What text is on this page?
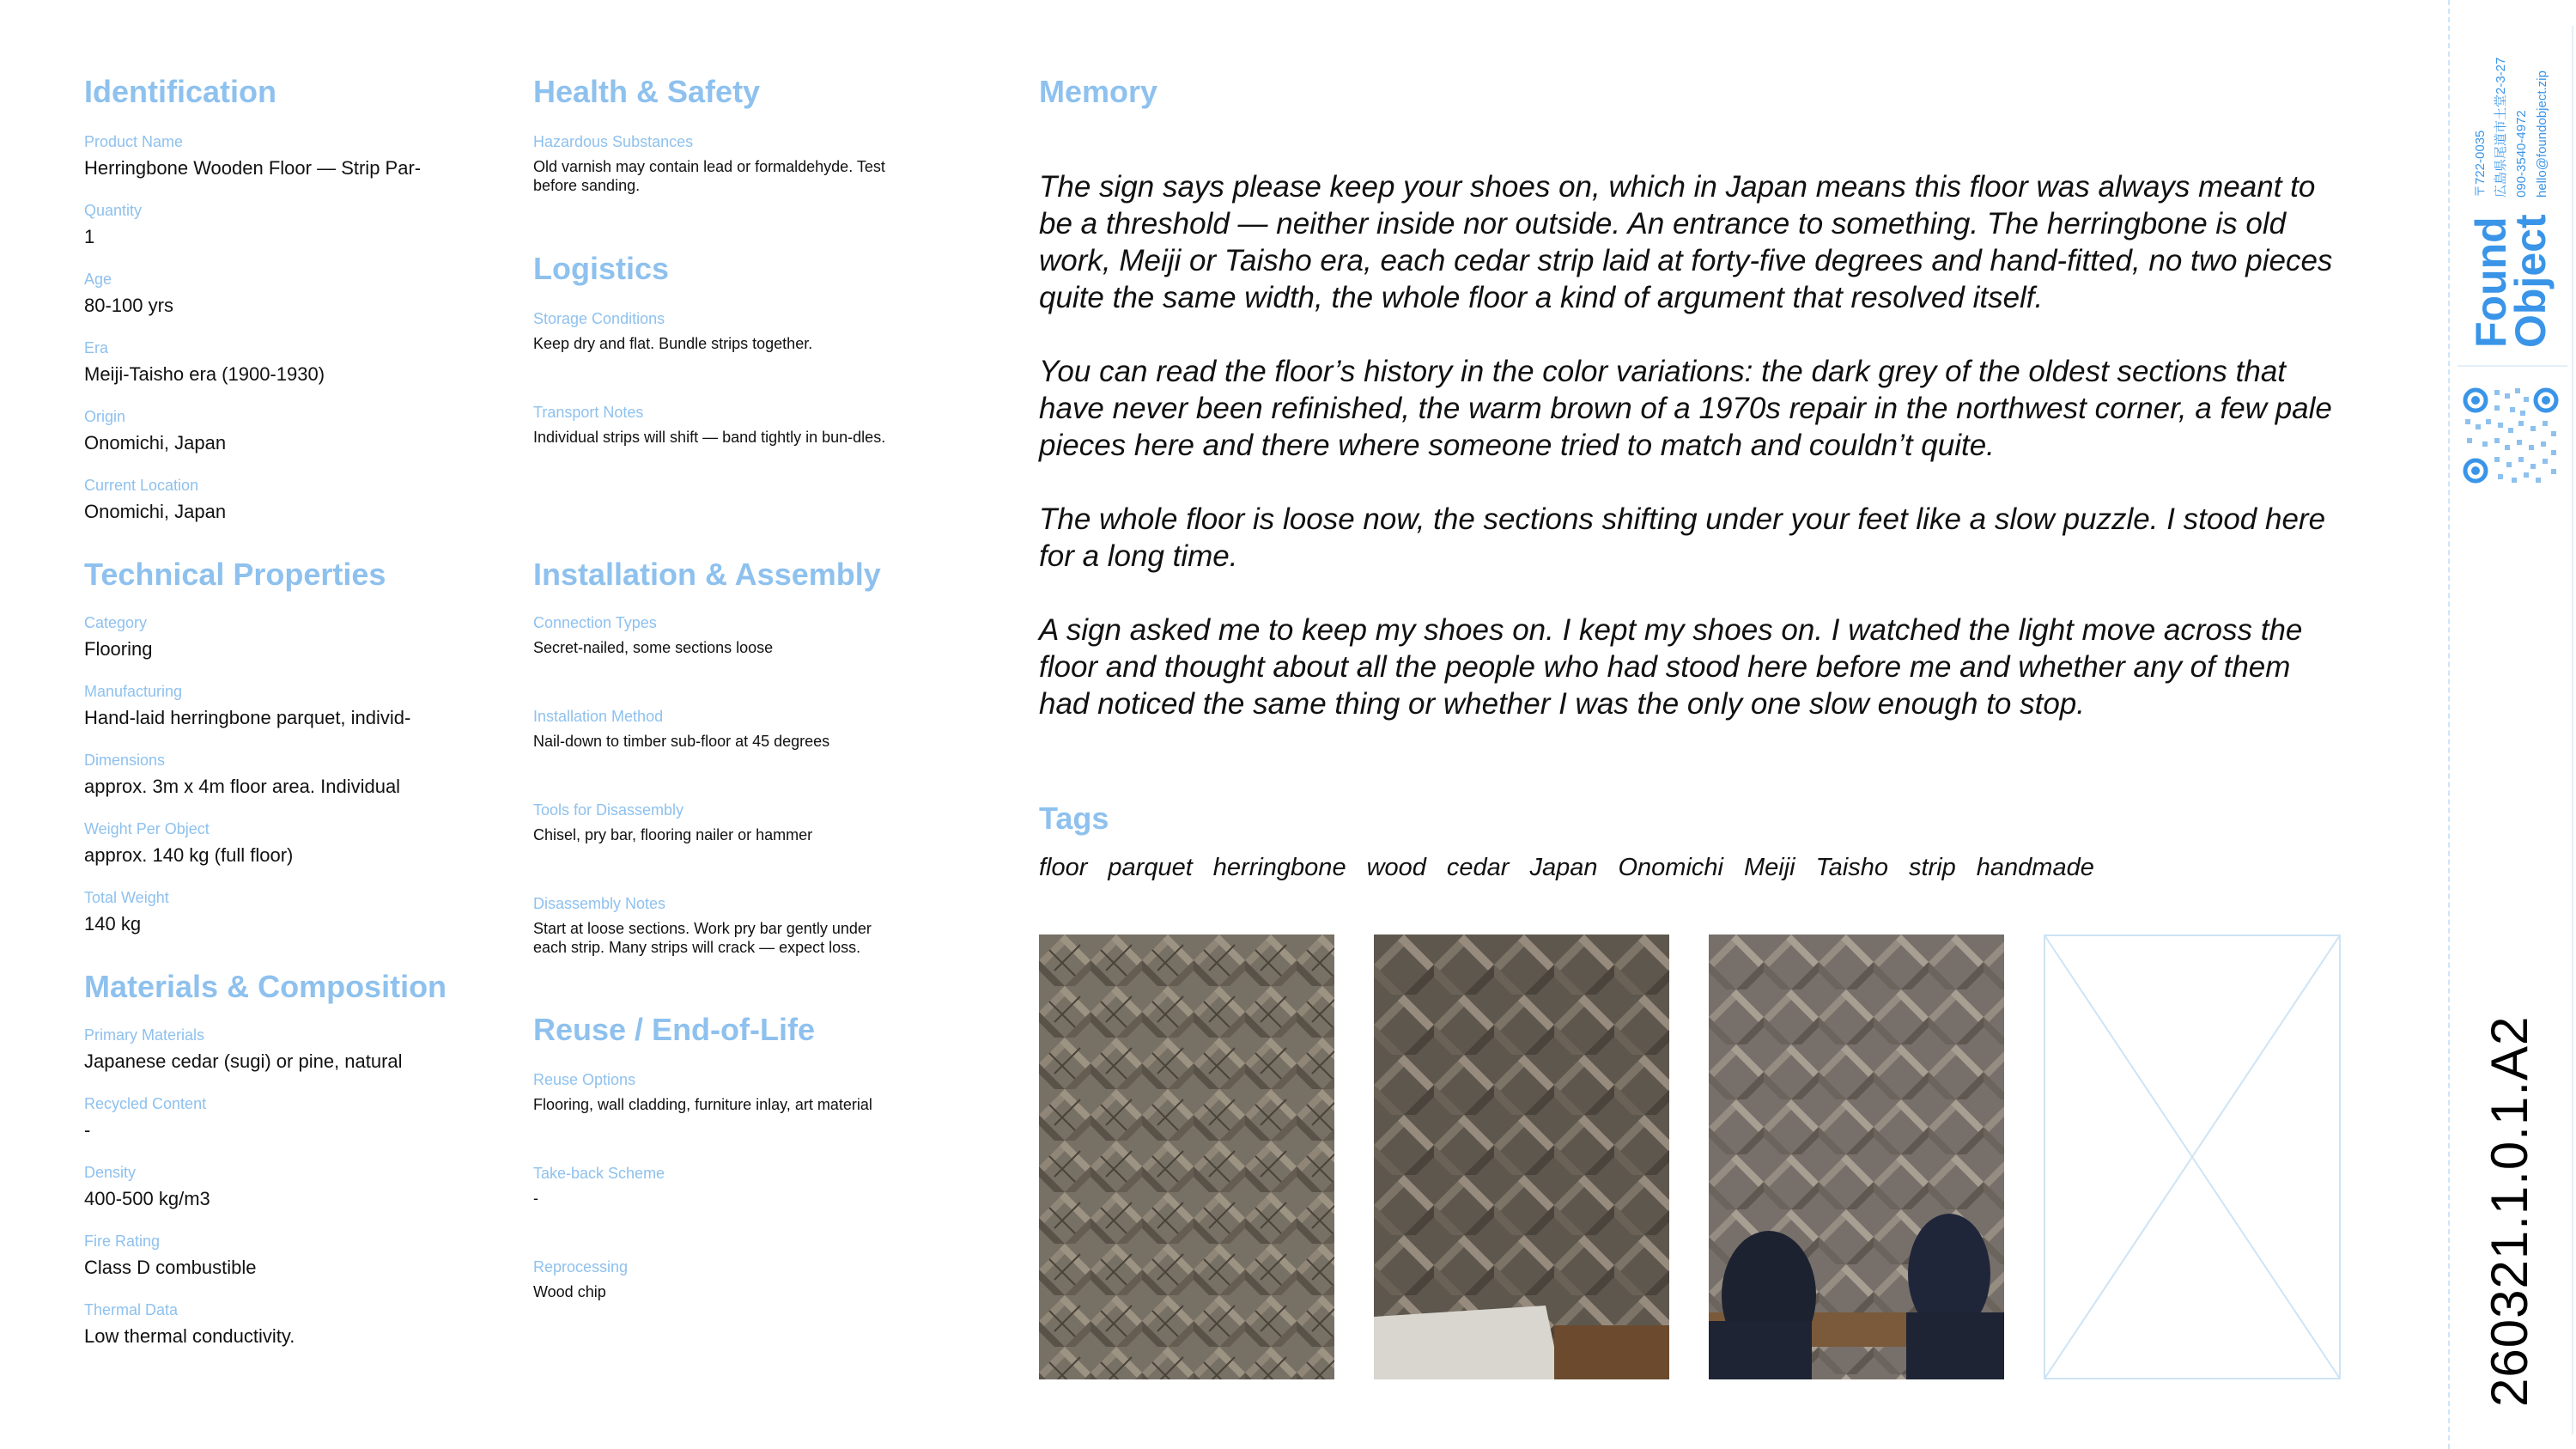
Identification
Product Name
Herringbone Wooden Floor — Strip Par-
Quantity
1
Age
80-100 yrs
Era
Meiji-Taisho era (1900-1930)
Origin
Onomichi, Japan
Current Location
Onomichi, Japan
Technical Properties
Category
Flooring
Manufacturing
Hand-laid herringbone parquet, individ-
Dimensions
approx. 3m x 4m floor area. Individual
Weight Per Object
approx. 140 kg (full floor)
Total Weight
140 kg
Materials & Composition
Primary Materials
Japanese cedar (sugi) or pine, natural
Recycled Content
-
Density
400-500 kg/m3
Fire Rating
Class D combustible
Thermal Data
Low thermal conductivity.
Health & Safety
Hazardous Substances
Old varnish may contain lead or formaldehyde. Test before sanding.
Logistics
Storage Conditions
Keep dry and flat. Bundle strips together.
Transport Notes
Individual strips will shift — band tightly in bun-dles.
Installation & Assembly
Connection Types
Secret-nailed, some sections loose
Installation Method
Nail-down to timber sub-floor at 45 degrees
Tools for Disassembly
Chisel, pry bar, flooring nailer or hammer
Disassembly Notes
Start at loose sections. Work pry bar gently under each strip. Many strips will crack — expect loss.
Reuse / End-of-Life
Reuse Options
Flooring, wall cladding, furniture inlay, art material
Take-back Scheme
-
Reprocessing
Wood chip
Memory

The sign says please keep your shoes on, which in Japan means this floor was always meant to be a threshold — neither inside nor outside. An entrance to something. The herringbone is old work, Meiji or Taisho era, each cedar strip laid at forty-five degrees and hand-fitted, no two pieces quite the same width, the whole floor a kind of argument that resolved itself.

You can read the floor’s history in the color variations: the dark grey of the oldest sections that have never been refinished, the warm brown of a 1970s repair in the northwest corner, a few pale pieces here and there where someone tried to match and couldn’t quite.

The whole floor is loose now, the sections shifting under your feet like a slow puzzle. I stood here for a long time.

A sign asked me to keep my shoes on. I kept my shoes on. I watched the light move across the floor and thought about all the people who had stood here before me and whether any of them had noticed the same thing or whether I was the only one slow enough to stop.

Tags
floor parquet herringbone wood cedar Japan Onomichi Meiji Taisho strip handmade
Found
Object
〒722-0035 広島県尾道市土堂2-3-27 090-3540-4972 hello@foundobject.zip
260321.1.0.1.A2
